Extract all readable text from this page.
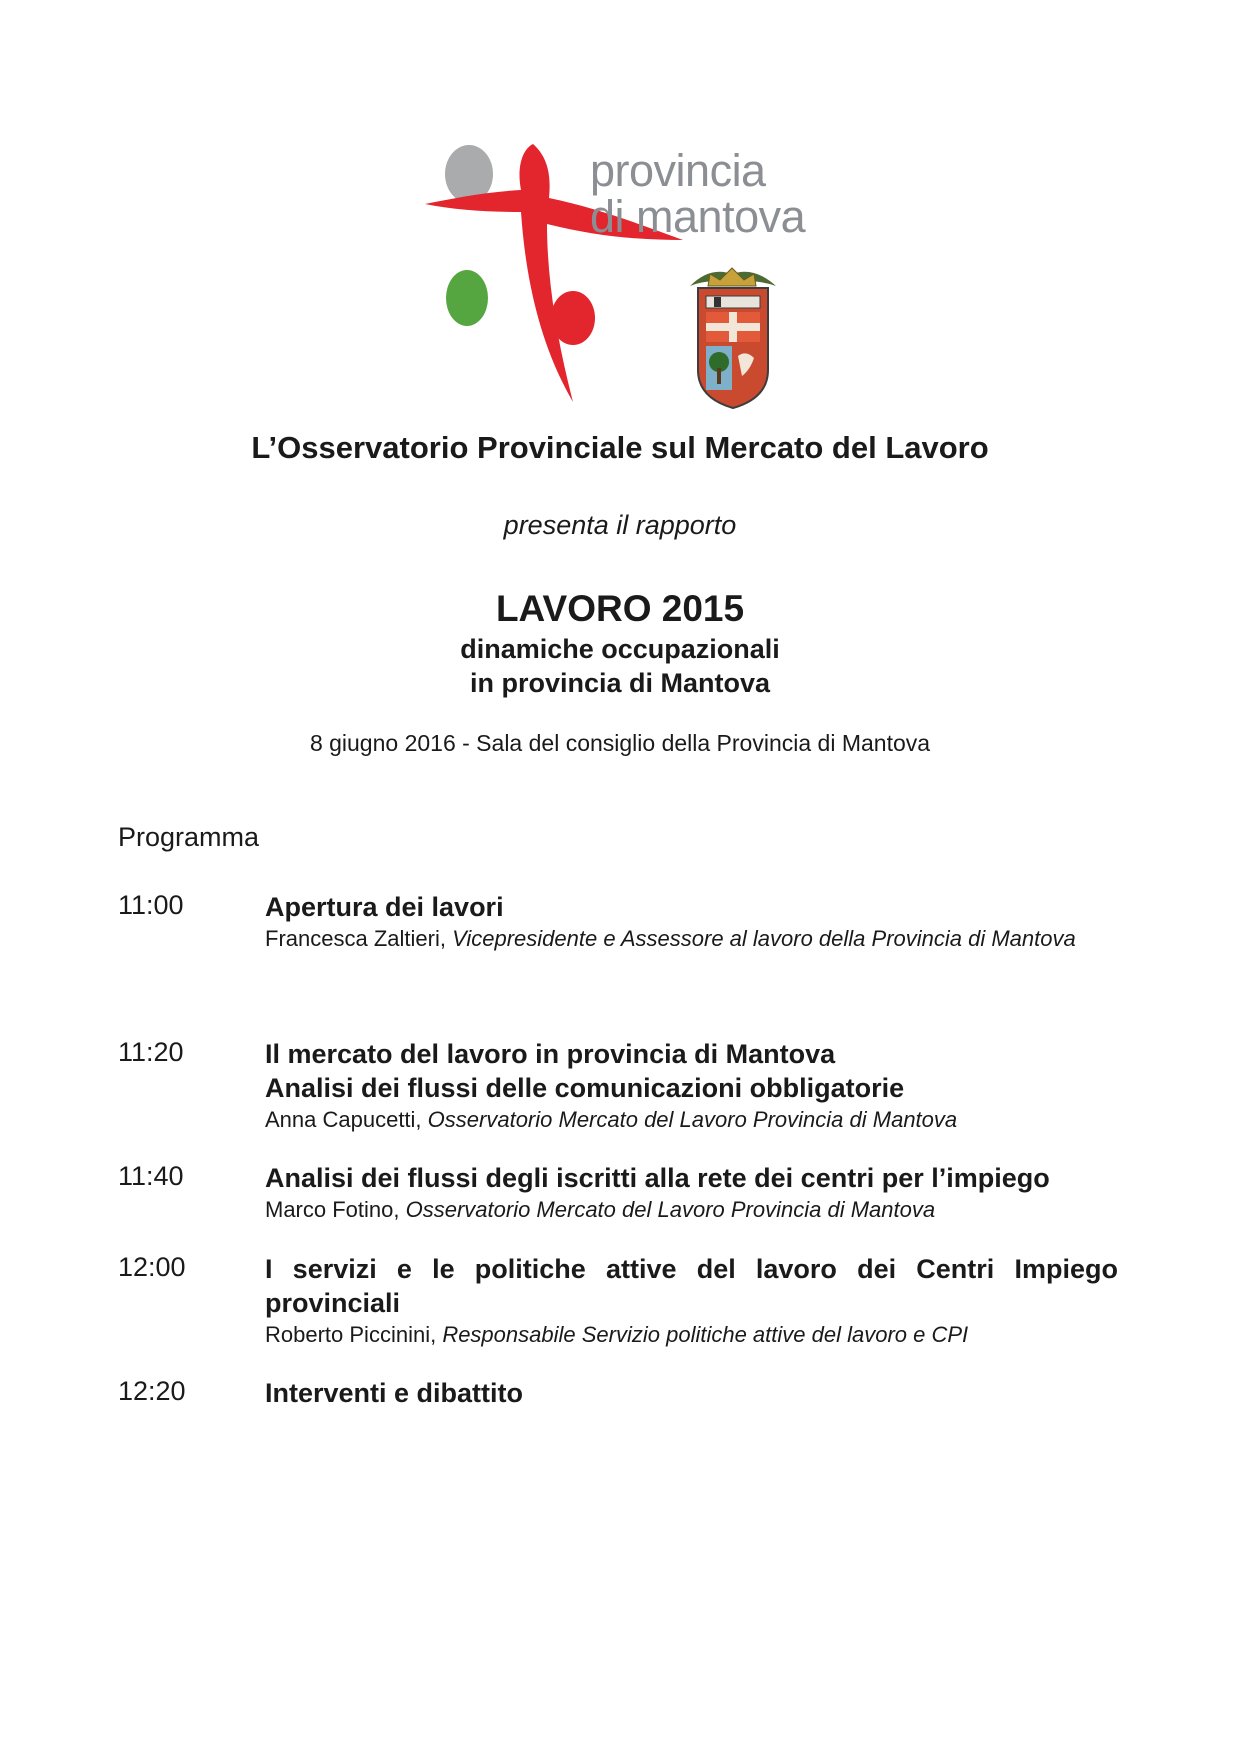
provincia
di mantova
L’Osservatorio Provinciale sul Mercato del Lavoro
presenta il rapporto
LAVORO 2015
dinamiche occupazionali
in provincia di Mantova
8 giugno 2016 - Sala del consiglio della Provincia di Mantova
Programma
11:00	Apertura dei lavori
Francesca Zaltieri, Vicepresidente e Assessore al lavoro della Provincia di Mantova
11:20	Il mercato del lavoro in provincia di Mantova
Analisi dei flussi delle comunicazioni obbligatorie
Anna Capucetti, Osservatorio Mercato del Lavoro Provincia di Mantova
11:40	Analisi dei flussi degli iscritti alla rete dei centri per l’impiego
Marco Fotino, Osservatorio Mercato del Lavoro Provincia di Mantova
12:00	I servizi e le politiche attive del lavoro dei Centri Impiego provinciali
Roberto Piccinini, Responsabile Servizio politiche attive del lavoro e CPI
12:20	Interventi e dibattito
